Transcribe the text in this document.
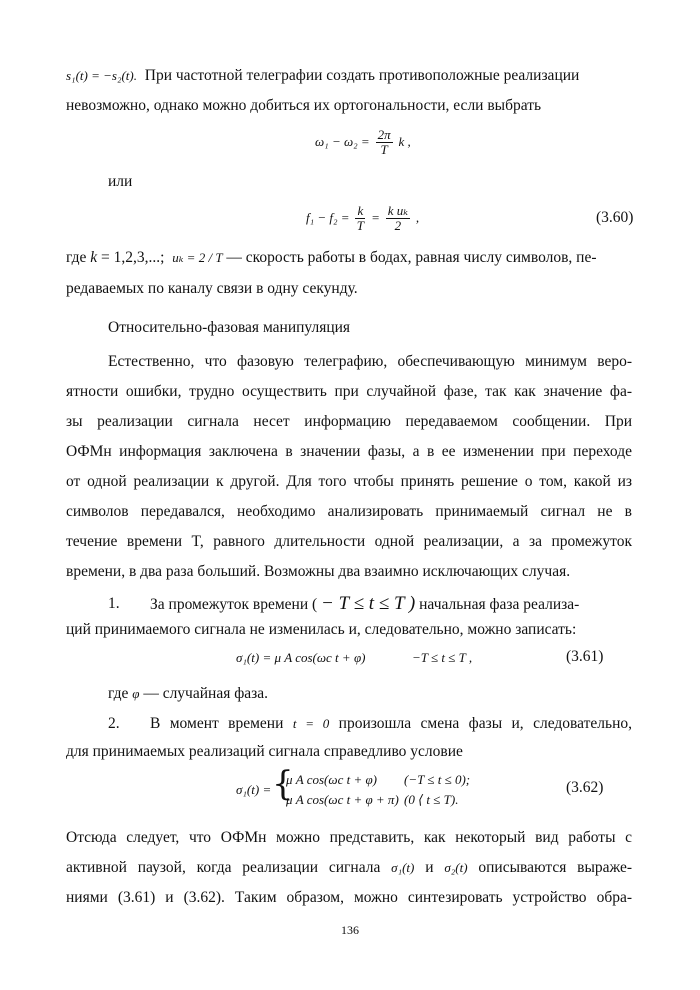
s₁(t) = −s₂(t).  При частотной телеграфии создать противоположные реализации
невозможно, однако можно добиться их ортогональности, если выбрать
$\omega_1 - \omega_2 = \frac{2\pi}{T}$ k ,
или
$f_1 - f_2 = \frac{k}{T} = \frac{\text{k uₖ}}{2}$ ,	(3.60)
где k = 1,2,3,...;  uₖ = 2 / T — скорость работы в бодах, равная числу символов, пе-
редаваемых по каналу связи в одну секунду.
Относительно-фазовая манипуляция
Естественно, что фазовую телеграфию, обеспечивающую минимум веро-
ятности ошибки, трудно осуществить при случайной фазе, так как значение фа-
зы реализации сигнала несет информацию передаваемом сообщении. При
ОФМн информация заключена в значении фазы, а в ее изменении при переходе
от одной реализации к другой. Для того чтобы принять решение о том, какой из
символов передавался, необходимо анализировать принимаемый сигнал не в
течение времени T, равного длительности одной реализации, а за промежуток
времени, в два раза больший. Возможны два взаимно исключающих случая.
1.	За промежуток времени ( − T ≤ t ≤ T ) начальная фаза реализа-
ций принимаемого сигнала не изменилась и, следовательно, можно записать:
σ₁(t) = μ A cos(ωc t + φ)	−T ≤ t ≤ T ,	(3.61)
где φ — случайная фаза.
2.	В момент времени t = 0 произошла смена фазы и, следовательно,
для принимаемых реализаций сигнала справедливо условие
σ₁(t) = {
μ A cos(ωc t + φ) (−T ≤ t ≤ 0);
μ A cos(ωc t + φ + π) (0 ⟨ t ≤ T).
(3.62)
Отсюда следует, что ОФМн можно представить, как некоторый вид работы с
активной паузой, когда реализации сигнала σ₁(t) и σ₂(t) описываются выраже-
ниями (3.61) и (3.62). Таким образом, можно синтезировать устройство обра-
136
